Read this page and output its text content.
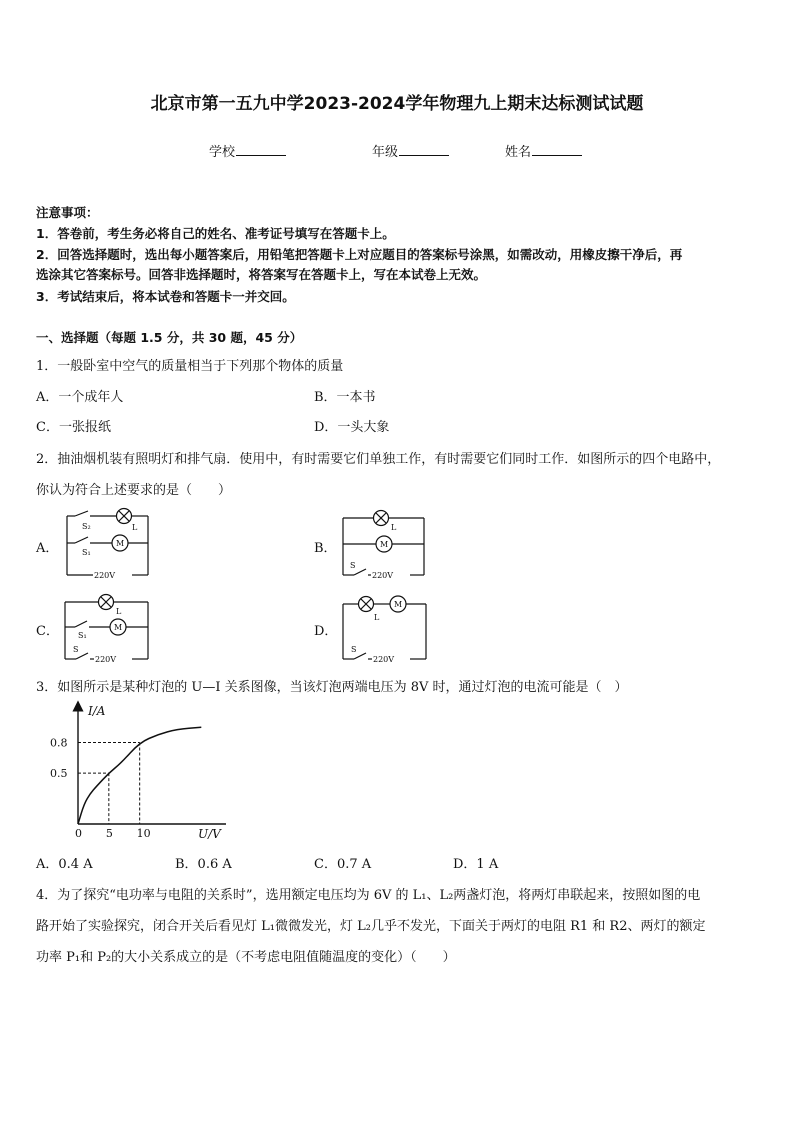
北京市第一五九中学2023-2024学年物理九上期末达标测试试题
学校	年级	姓名
注意事项：
1．答卷前，考生务必将自己的姓名、准考证号填写在答题卡上。
2．回答选择题时，选出每小题答案后，用铅笔把答题卡上对应题目的答案标号涂黑，如需改动，用橡皮擦干净后，再
选涂其它答案标号。回答非选择题时，将答案写在答题卡上，写在本试卷上无效。
3．考试结束后，将本试卷和答题卡一并交回。
一、选择题（每题 1.5 分，共 30 题，45 分）
1．一般卧室中空气的质量相当于下列那个物体的质量
A．一个成年人	B．一本书
C．一张报纸	D．一头大象
2．抽油烟机装有照明灯和排气扇．使用中，有时需要它们单独工作，有时需要它们同时工作．如图所示的四个电路中，
你认为符合上述要求的是（　　）
A．	B．
C．	D．
S₂
S₁
L
M
220V
L
M
S
220V
L
S₁
M
S
220V
L
M
S
220V
3．如图所示是某种灯泡的 U—I 关系图像，当该灯泡两端电压为 8V 时，通过灯泡的电流可能是（　）
0 5 10
0.5
0.8
I/A
U/V
A．0.4 A	B．0.6 A	C．0.7 A	D．1 A
4．为了探究“电功率与电阻的关系时”，选用额定电压均为 6V 的 L₁、L₂两盏灯泡，将两灯串联起来，按照如图的电
路开始了实验探究，闭合开关后看见灯 L₁微微发光，灯 L₂几乎不发光，下面关于两灯的电阻 R1 和 R2、两灯的额定
功率 P₁和 P₂的大小关系成立的是（不考虑电阻值随温度的变化）（　　）
